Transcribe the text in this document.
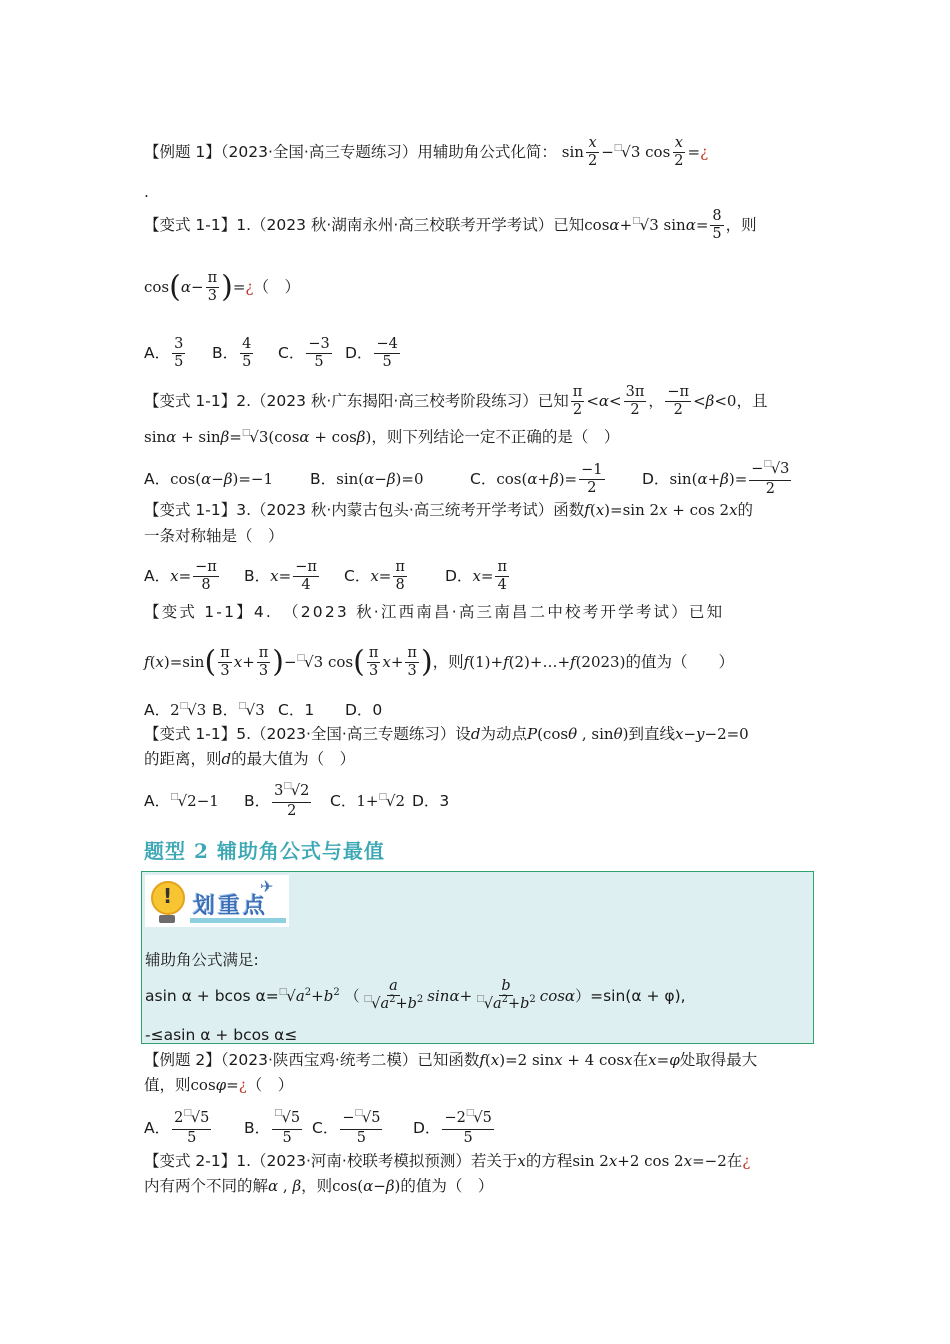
【例题 1】（2023·全国·高三专题练习）用辅助角公式化简： $\sin \frac{x}{2} -^□√3$ $\cos \frac{x}{2}$ =¿
.
【变式 1-1】1.（2023 秋·湖南永州·高三校联考开学考试）已知cosα+□√3 $\sin\alpha= \frac{8}{5}$ ，则
$\cos(\alpha- \frac{\pi}{3}$ )=¿（　）
A． $\frac{3}{5}$ B． $\frac{4}{5}$ C． $\frac{-3}{5}$ D． $\frac{-4}{5}$
【变式 1-1】2.（2023 秋·广东揭阳·高三校考阶段练习）已知 $\frac{\pi}{2} <\alpha< \frac{3\pi}{2}$ ， $\frac{-\pi}{2} <\beta<0$，且
sinα + sinβ=□√3(cosα + cosβ)，则下列结论一定不正确的是（　）
A．cos(α−β)=−1 B．sin(α−β)=0	C．$\cos(\alpha+\beta)= \frac{-1}{2}$ D．$\sin(\alpha+\beta)= \frac{-^□√3}{2}$
【变式 1-1】3.（2023 秋·内蒙古包头·高三统考开学考试）函数f(x)=sin 2x + cos 2x的
一条对称轴是（　）
A．$x= \frac{-\pi}{8}$ B．$x= \frac{-\pi}{4}$ C．$x= \frac{\pi}{8}$ D．$x= \frac{\pi}{4}$
【变式 1-1】4.　 （2023 秋·江西南昌·高三南昌二中校考开学考试）已知
$f(x)=\sin( \frac{\pi}{3} x+ \frac{\pi}{3} )-^□√3$ $\cos( \frac{\pi}{3} x+ \frac{\pi}{3}$ )，则f(1)+f(2)+…+f(2023)的值为（　　）
A．2□√3 B．□√3 C．1 D．0
【变式 1-1】5.（2023·全国·高三专题练习）设d为动点P(cosθ , sinθ)到直线x−y−2=0
的距离，则d的最大值为（　）
A．□√2−1 B． $\frac{3^□√2}{2}$ C．1+□√2 D．3
题型 2 辅助角公式与最值
!
划重点
✈
辅助角公式满足:
asin α + bcos $\alpha=^□√a^2+b^2$ （ $\frac{a}{^□√a^2+b^2} \sin\alpha+ \frac{b}{^□√a^2+b^2} \cos\alpha)=\sin(\alpha + \varphi)$,
-≤asin α + bcos α≤
【例题 2】（2023·陕西宝鸡·统考二模）已知函数f(x)=2 sinx + 4 cosx在x=φ处取得最大
值，则cosφ=¿（　）
A． $\frac{2^□√5}{5}$ B． $\frac{^□√5}{5}$ C． $\frac{-^□√5}{5}$ D． $\frac{-2^□√5}{5}$
【变式 2-1】1.（2023·河南·校联考模拟预测）若关于x的方程sin 2x+2 cos 2x=−2在¿
内有两个不同的解α , β，则cos(α−β)的值为（　）
